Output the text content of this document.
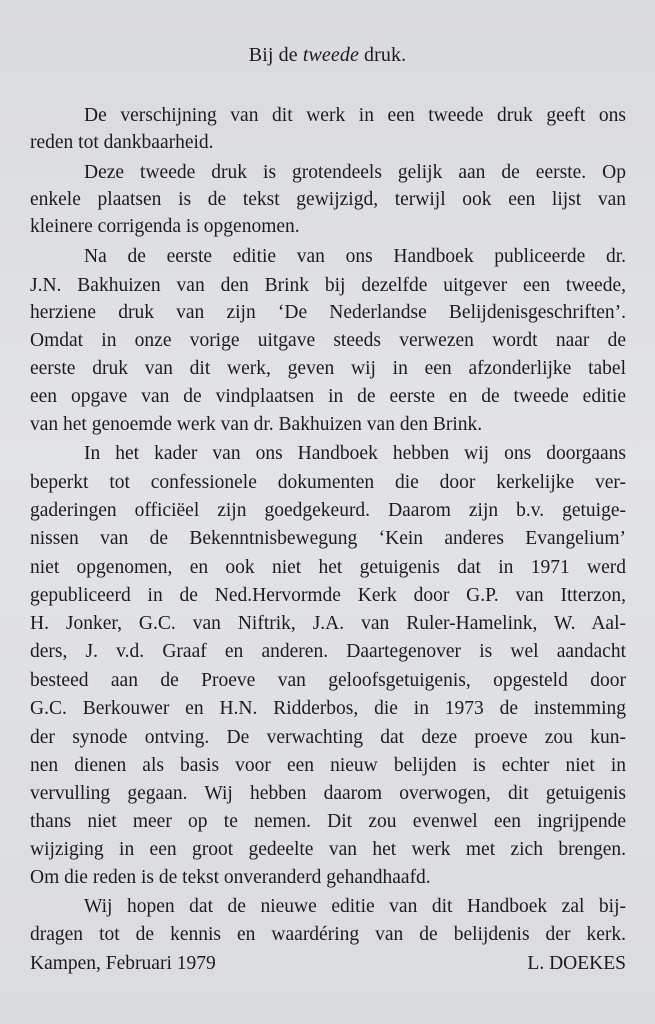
Bij de tweede druk.
De verschijning van dit werk in een tweede druk geeft ons
reden tot dankbaarheid.
Deze tweede druk is grotendeels gelijk aan de eerste. Op
enkele plaatsen is de tekst gewijzigd, terwijl ook een lijst van
kleinere corrigenda is opgenomen.
Na de eerste editie van ons Handboek publiceerde dr.
J.N. Bakhuizen van den Brink bij dezelfde uitgever een tweede,
herziene druk van zijn ‘De Nederlandse Belijdenisgeschriften’.
Omdat in onze vorige uitgave steeds verwezen wordt naar de
eerste druk van dit werk, geven wij in een afzonderlijke tabel
een opgave van de vindplaatsen in de eerste en de tweede editie
van het genoemde werk van dr. Bakhuizen van den Brink.
In het kader van ons Handboek hebben wij ons doorgaans
beperkt tot confessionele dokumenten die door kerkelijke ver-
gaderingen officiëel zijn goedgekeurd. Daarom zijn b.v. getuige-
nissen van de Bekenntnisbewegung ‘Kein anderes Evangelium’
niet opgenomen, en ook niet het getuigenis dat in 1971 werd
gepubliceerd in de Ned.Hervormde Kerk door G.P. van Itterzon,
H. Jonker, G.C. van Niftrik, J.A. van Ruler-Hamelink, W. Aal-
ders, J. v.d. Graaf en anderen. Daartegenover is wel aandacht
besteed aan de Proeve van geloofsgetuigenis, opgesteld door
G.C. Berkouwer en H.N. Ridderbos, die in 1973 de instemming
der synode ontving. De verwachting dat deze proeve zou kun-
nen dienen als basis voor een nieuw belijden is echter niet in
vervulling gegaan. Wij hebben daarom overwogen, dit getuigenis
thans niet meer op te nemen. Dit zou evenwel een ingrijpende
wijziging in een groot gedeelte van het werk met zich brengen.
Om die reden is de tekst onveranderd gehandhaafd.
Wij hopen dat de nieuwe editie van dit Handboek zal bij-
dragen tot de kennis en waardéring van de belijdenis der kerk.
Kampen, Februari 1979	L. DOEKES
